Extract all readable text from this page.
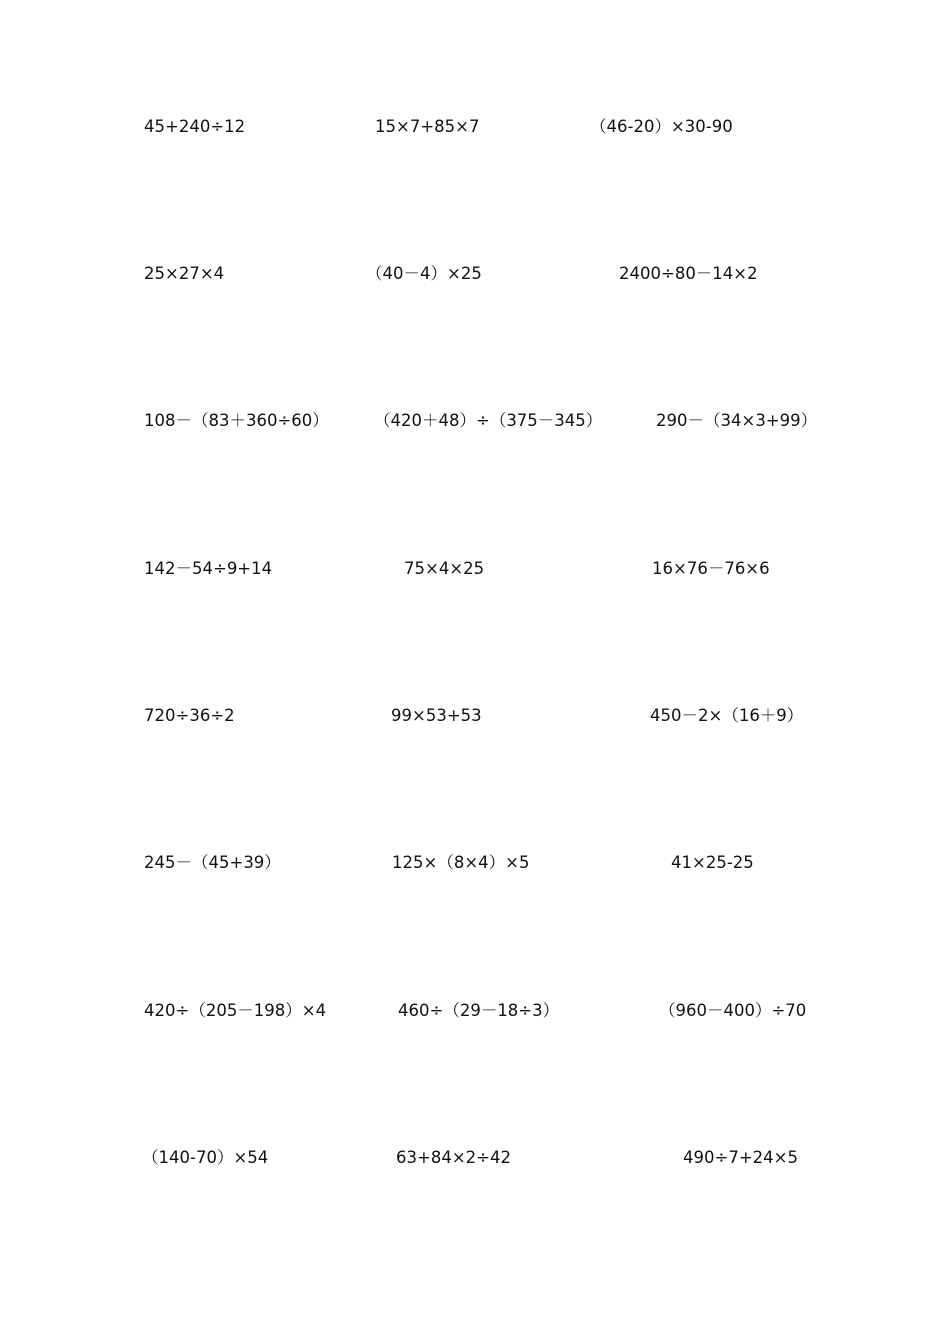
45+240÷12	15×7+85×7	（46-20）×30-90
25×27×4	（40－4）×25	2400÷80－14×2
108－（83＋360÷60）	（420＋48）÷（375－345）	290－（34×3+99）
142－54÷9+14	75×4×25	16×76－76×6
720÷36÷2	99×53+53	450－2×（16＋9）
245－（45+39）	125×（8×4）×5	41×25-25
420÷（205－198）×4	460÷（29－18÷3）	（960－400）÷70
（140-70）×54	63+84×2÷42	490÷7+24×5
